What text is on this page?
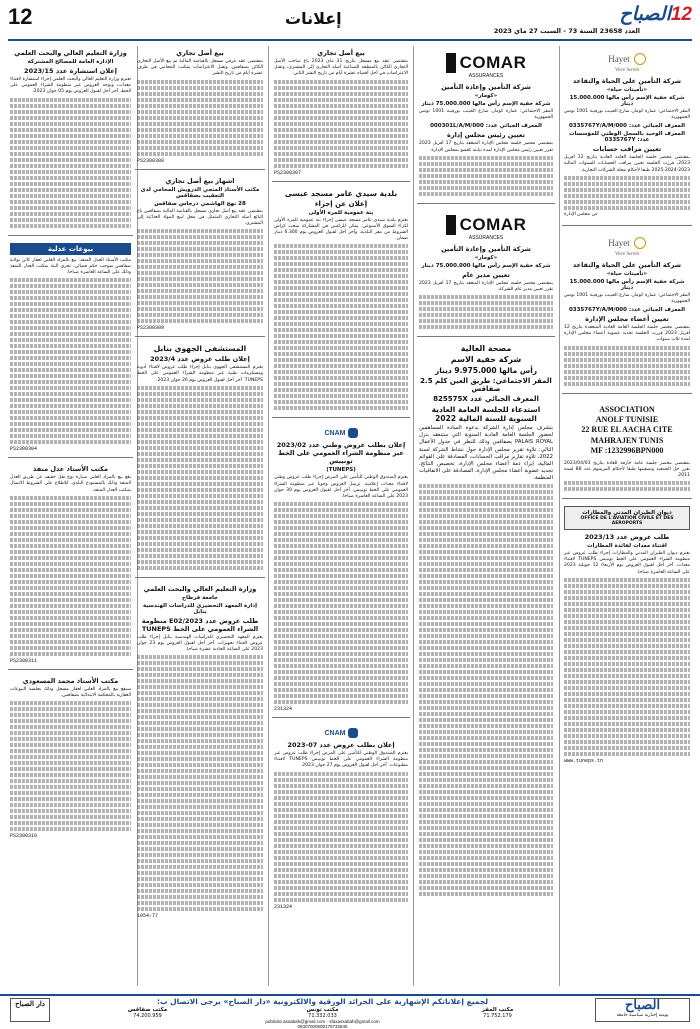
12	إعلانات	12الصباح
العدد 23658 السنة 73 - السبت 27 ماي 2023
Hayet
Vivre Serein
شركة التأمين على الحياة والتقاعد
«تأمينات حياة»
شركة خفية الإسم رأس مالها 15.000.000 دينار

المقر الاجتماعي: عمارة كومار، شارع الحبيب بورقيبة 1001 تونس الجمهورية

المعرف الجبائي عدد: 0335767Y/A/M/000
المعرف الوحيد بالسجل الوطني للمؤسسات عدد: 0335767Y
تعيين مراقب حسابات

بمقتضى محضر جلسة الجلسة العامة العادية بتاريخ 12 أفريل 2023، قررت الجلسة تعيين مراقب الحسابات للسنوات المالية 2023-2024-2025 طبقا لأحكام مجلة الشركات التجارية.

عن مجلس الإدارة

Hayet
Vivre Serein
شركة التأمين على الحياة والتقاعد
«تأمينات حياة»
شركة خفية الإسم رأس مالها 15.000.000 دينار

المقر الاجتماعي: عمارة كومار، شارع الحبيب بورقيبة 1001 تونس الجمهورية

المعرف الجبائي عدد: 0335767Y/A/M/000
تعيين أعضاء مجلس الإدارة

بمقتضى محضر جلسة الجلسة العامة العادية المنعقدة بتاريخ 12 أفريل 2023 قررت الجلسة تجديد عضوية أعضاء مجلس الإدارة لمدة ثلاث سنوات.

ASSOCIATION
ANOLF TUNISIE
22 RUE EL AACHA CITE
MAHRAJEN TUNIS
MF :1232996BPN000

بمقتضى محضر جلسة عامة خارقة للعادة بتاريخ 2023/04/03 تقرر حل الجمعية وتصفيتها طبقا لأحكام المرسوم عدد 88 لسنة 2011.

ديوان الطيران المدني والمطارات
OFFICE DE L'AVIATION CIVILE ET DES AEROPORTS
طلب عروض عدد 2023/13
اقتناء معدات لفائدة المطارات

يعتزم ديوان الطيران المدني والمطارات إجراء طلب عروض عبر منظومة الشراء العمومي على الخط تونيبس TUNEPS لاقتناء معدات. آخر أجل لقبول العروض يوم الأربعاء 12 جويلية 2023 على الساعة العاشرة صباحا.

www.tuneps.tn
COMAR
ASSURANCES
شركة التأمين وإعادة التأمين
«كومار»
شركة خفية الإسم رأس مالها 75.000.000 دينار

المقر الاجتماعي: عمارة كومار، شارع الحبيب بورقيبة 1001 تونس الجمهورية

المعرف الجبائي عدد: 000301L/A/M/000
تعيين رئيس مجلس إدارة

بمقتضى محضر جلسة مجلس الإدارة المنعقد بتاريخ 17 أفريل 2023 تقرر تعيين رئيس مجلس الإدارة لمدة نيابته كعضو بمجلس الإدارة.

COMAR
ASSURANCES
شركة التأمين وإعادة التأمين
«كومار»
شركة خفية الإسم رأس مالها 75.000.000 دينار
تعيين مدير عام

بمقتضى محضر جلسة مجلس الإدارة المنعقد بتاريخ 17 أفريل 2023 تقرر تعيين مدير عام للشركة.

مصحة العالية
شركة خفية الاسم
رأس مالها 9.975.000 دينار
المقر الاجتماعي: طريق العين كلم 2.5 صفاقس
المعرف الجبائي عدد 825575X
استدعاء للجلسة العامة العادية السنوية للسنة المالية 2022

يتشرف مجلس إدارة الشركة بدعوة السادة المساهمين لحضور الجلسة العامة العادية السنوية التي ستنعقد بنزل PALAIS ROYAL بصفاقس وذلك للنظر في جدول الأعمال التالي: تلاوة تقرير مجلس الإدارة حول نشاط الشركة لسنة 2022، تلاوة تقارير مراقب الحسابات، المصادقة على القوائم المالية، إبراء ذمة أعضاء مجلس الإدارة، تخصيص النتائج، تجديد عضوية أعضاء مجلس الإدارة، المصادقة على الاتفاقيات المنظمة.

بيع أصل تجاري

بمقتضى عقد بيع مسجل بتاريخ 31 ماي 2023 باع صاحب الأصل التجاري الكائن بالمنطقة الصناعية أصله التجاري إلى المشتري، وتقبل الاعتراضات في أجل أقصاه عشرة أيام من تاريخ النشر الثاني.

PS2300307
بلدية سيدي عامر مسجد عيسى
إعلان عن إجراء
بتة عمومية للمرة الأولى

تعتزم بلدية سيدي عامر مسجد عيسى إجراء بتة عمومية للمرة الأولى لكراء السوق الأسبوعي. يمكن للراغبين في المشاركة سحب كراس الشروط من مقر البلدية، وآخر أجل لقبول العروض يوم 6.300 دينار ضمان.

CNAM
إعلان بطلب عروض وطني عدد 2023/02 عبر منظومة الشراء العمومي على الخط تونيبس
(TUNEPS)

يعتزم الصندوق الوطني للتأمين على المرض إجراء طلب عروض وطني لاقتناء معدات إعلامية. ترسل العروض وجوبا عبر منظومة الشراء العمومي على الخط تونيبس. آخر أجل لقبول العروض يوم 30 جوان 2023 على الساعة العاشرة صباحا.

231324
CNAM
إعلان بطلب عروض عدد 07-2023

يعتزم الصندوق الوطني للتأمين على المرض إجراء طلب عروض عبر منظومة الشراء العمومي على الخط تونيبس TUNEPS لاقتناء مطبوعات. آخر أجل لقبول العروض يوم 27 جوان 2023.

231324
بيع أصل تجاري

بمقتضى عقد عرفي مسجل بالقباضة المالية تم بيع الأصل التجاري الكائن بصفاقس، وتقبل الاعتراضات بمكتب المحامي في ظرف عشرة أيام من تاريخ النشر.

PS2300308
اشهار بيع أصل تجاري
مكتب الأستاذ المنجي الدرويش المحامي لدى التعقيب بصفاقس
28 نهج الهاشمي درجاس صفاقس

بمقتضى عقد بيع أصل تجاري مسجل بالقباضة المالية بصفاقس باع البائع أصله التجاري المتمثل في محل لبيع المواد الغذائية إلى المشتري.

PS2300309
المستشفى الجهوي بنابل
إعلان طلب عروض عدد 2023/4

يعتزم المستشفى الجهوي بنابل إجراء طلب عروض لاقتناء أدوية ومستلزمات طبية عبر منظومة الشراء العمومي على الخط TUNEPS. آخر أجل لقبول العروض يوم 26 جوان 2023.

وزارة التعليم العالي والبحث العلمي
جامعة قرطاج
إدارة المعهد التحضيري للدراسات الهندسية بنابل
طلب عروض عدد 2023/E02 منظومة الشراء العمومي على الخط TUNEPS

يعتزم المعهد التحضيري للدراسات الهندسية بنابل إجراء طلب عروض لاقتناء تجهيزات. آخر أجل لقبول العروض يوم 23 جوان 2023 على الساعة الحادية عشرة صباحا.

1054-77
وزارة التعليم العالي والبحث العلمي
الإدارة العامة للمصالح المشتركة
إعلان استشارة عدد 2023/15

تعتزم وزارة التعليم العالي والبحث العلمي إجراء استشارة لاقتناء معدات، وتوجه العروض عبر منظومة الشراء العمومي على الخط. آخر أجل لقبول العروض يوم 05 جوان 2023.

بيوعات عدلية

مكتب الأستاذ العدل المنفذ: بيع بالمزاد العلني لعقار كائن بولاية صفاقس بموجب حكم قضائي. تجرى البتة بمكتب العدل المنفذ وذلك على الساعة العاشرة صباحا.

PS2300304
مكتب الأستاذ عدل منفذ

يقع بيع بالمزاد العلني سيارة نوع نقل خفيف عن طريق العدل المنفذ وذلك بالمستودع البلدي. للاطلاع على الشروط الاتصال بمكتب العدل المنفذ.

PS2300311
مكتب الأستاذ محمد المسعودي

سيقع بيع بالمزاد العلني لعقار مسجل وذلك بجلسة البيوعات العقارية بالمحكمة الابتدائية بصفاقس.

PS2300310
الصباح
يومية إخبارية سياسية جامعة
لجميع إعلاناتكم الإشهارية على الجرائد الورقية والالكترونية «دار الصباح» يرجى الاتصال ب:
مكتب المقر
71.752.179
مكتب تونس
71.332.033
مكتب صفاقس
74.200.959
publicite.assabah@gmail.com · sfaxassabah@gmail.com
08307000509179732845
دار الصباح
